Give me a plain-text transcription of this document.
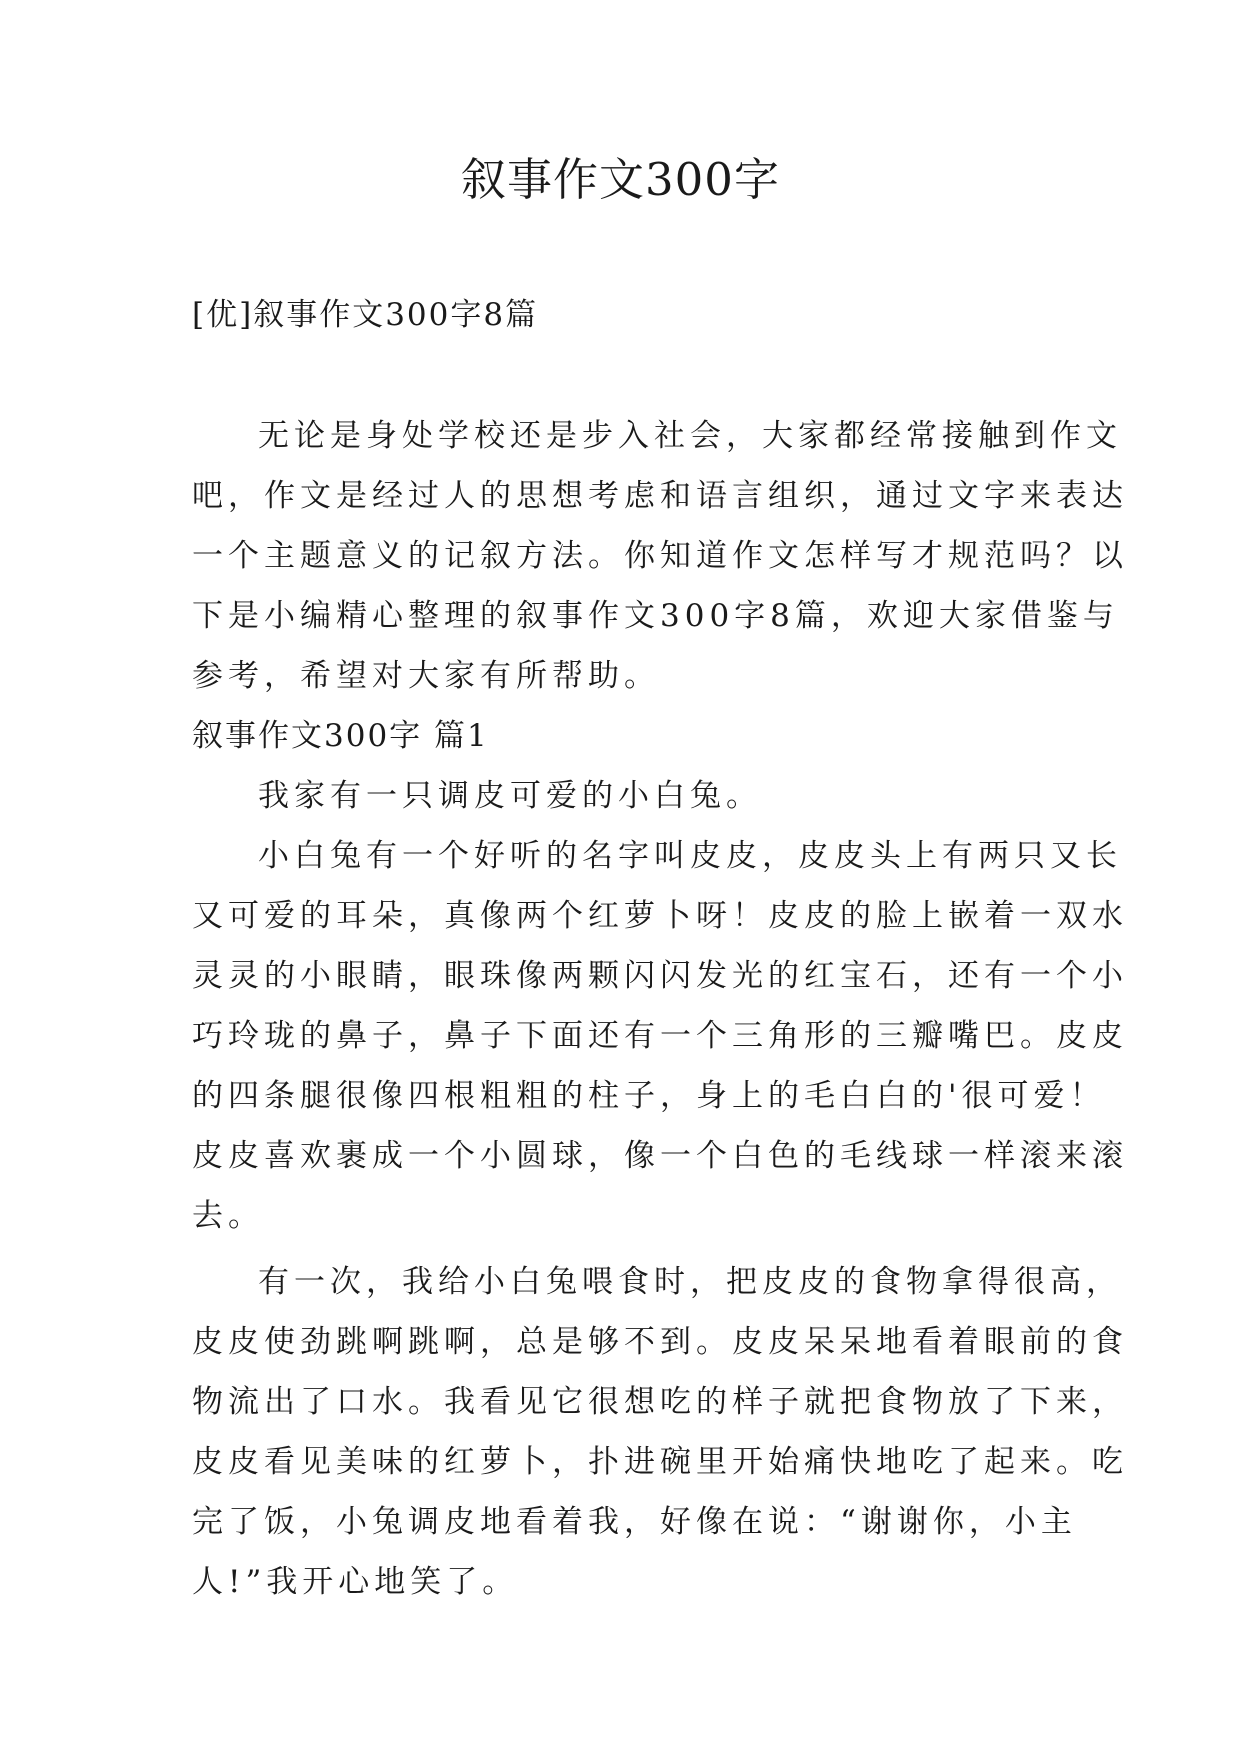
叙事作文300字
[优]叙事作文300字8篇

无论是身处学校还是步入社会，大家都经常接触到作文

吧，作文是经过人的思想考虑和语言组织，通过文字来表达

一个主题意义的记叙方法。你知道作文怎样写才规范吗？以

下是小编精心整理的叙事作文300字8篇，欢迎大家借鉴与

参考，希望对大家有所帮助。

叙事作文300字 篇1

我家有一只调皮可爱的小白兔。

小白兔有一个好听的名字叫皮皮，皮皮头上有两只又长

又可爱的耳朵，真像两个红萝卜呀！皮皮的脸上嵌着一双水

灵灵的小眼睛，眼珠像两颗闪闪发光的红宝石，还有一个小

巧玲珑的鼻子，鼻子下面还有一个三角形的三瓣嘴巴。皮皮

的四条腿很像四根粗粗的柱子，身上的毛白白的'很可爱！

皮皮喜欢裹成一个小圆球，像一个白色的毛线球一样滚来滚

去。

有一次，我给小白兔喂食时，把皮皮的食物拿得很高，

皮皮使劲跳啊跳啊，总是够不到。皮皮呆呆地看着眼前的食

物流出了口水。我看见它很想吃的样子就把食物放了下来，

皮皮看见美味的红萝卜，扑进碗里开始痛快地吃了起来。吃

完了饭，小兔调皮地看着我，好像在说：“谢谢你，小主

人!”我开心地笑了。
